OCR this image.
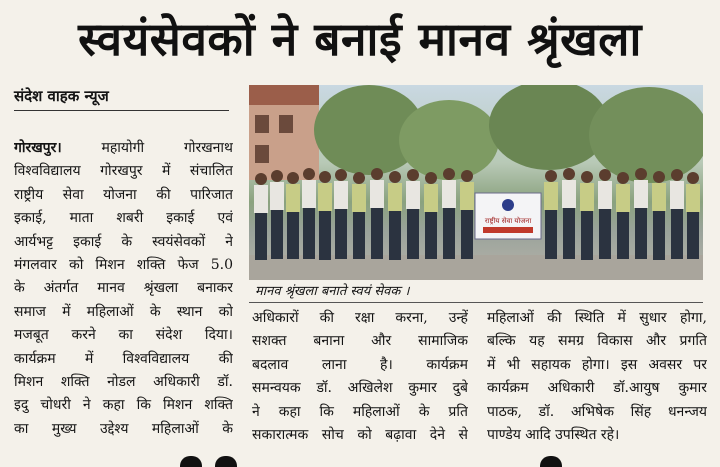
स्वयंसेवकों ने बनाई मानव श्रृंखला
संदेश वाहक न्यूज
गोरखपुर।	महायोगी गोरखनाथ
विश्वविद्यालय गोरखपुर में संचालित
राष्ट्रीय सेवा योजना की पारिजात
इकाई, माता शबरी इकाई एवं
आर्यभट्ट इकाई के स्वयंसेवकों ने
मंगलवार को मिशन शक्ति फेज 5.0
के अंतर्गत मानव श्रृंखला बनाकर
समाज में महिलाओं के स्थान को
मजबूत करने का संदेश दिया।
कार्यक्रम में विश्वविद्यालय की
मिशन शक्ति नोडल अधिकारी डॉ.
इदु चोधरी ने कहा कि मिशन शक्ति
का मुख्य उद्देश्य महिलाओं के
राष्ट्रीय सेवा योजना
मानव श्रृंखला बनाते स्वयं सेवक ।
अधिकारों की रक्षा करना, उन्हें
सशक्त बनाना और सामाजिक
बदलाव लाना है। कार्यक्रम
समन्वयक डॉ. अखिलेश कुमार दुबे
ने कहा कि महिलाओं के प्रति
सकारात्मक सोच को बढ़ावा देने से
महिलाओं की स्थिति में सुधार होगा,
बल्कि यह समग्र विकास और प्रगति
में भी सहायक होगा। इस अवसर पर
कार्यक्रम अधिकारी डॉ.आयुष कुमार
पाठक, डॉ. अभिषेक सिंह धनन्जय
पाण्डेय आदि उपस्थित रहे।
